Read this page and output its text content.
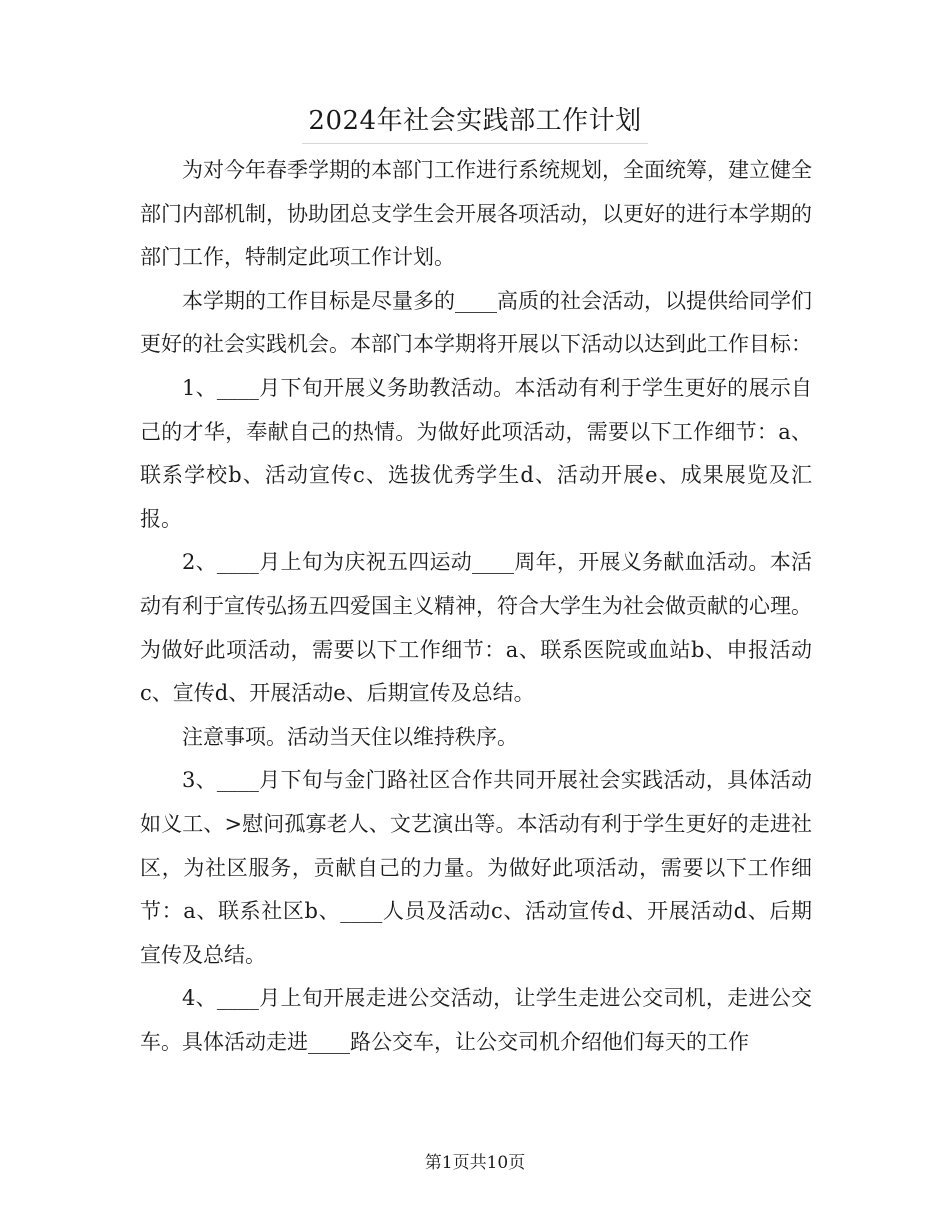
2024年社会实践部工作计划

为对今年春季学期的本部门工作进行系统规划，全面统筹，建立健全部门内部机制，协助团总支学生会开展各项活动，以更好的进行本学期的部门工作，特制定此项工作计划。

本学期的工作目标是尽量多的____高质的社会活动，以提供给同学们更好的社会实践机会。本部门本学期将开展以下活动以达到此工作目标：

1、____月下旬开展义务助教活动。本活动有利于学生更好的展示自己的才华，奉献自己的热情。为做好此项活动，需要以下工作细节：a、联系学校b、活动宣传c、选拔优秀学生d、活动开展e、成果展览及汇报。

2、____月上旬为庆祝五四运动____周年，开展义务献血活动。本活动有利于宣传弘扬五四爱国主义精神，符合大学生为社会做贡献的心理。为做好此项活动，需要以下工作细节：a、联系医院或血站b、申报活动c、宣传d、开展活动e、后期宣传及总结。

注意事项。活动当天住以维持秩序。

3、____月下旬与金门路社区合作共同开展社会实践活动，具体活动如义工、>慰问孤寡老人、文艺演出等。本活动有利于学生更好的走进社区，为社区服务，贡献自己的力量。为做好此项活动，需要以下工作细节：a、联系社区b、____人员及活动c、活动宣传d、开展活动d、后期宣传及总结。

4、____月上旬开展走进公交活动，让学生走进公交司机，走进公交车。具体活动走进____路公交车，让公交司机介绍他们每天的工作

第1页共10页
